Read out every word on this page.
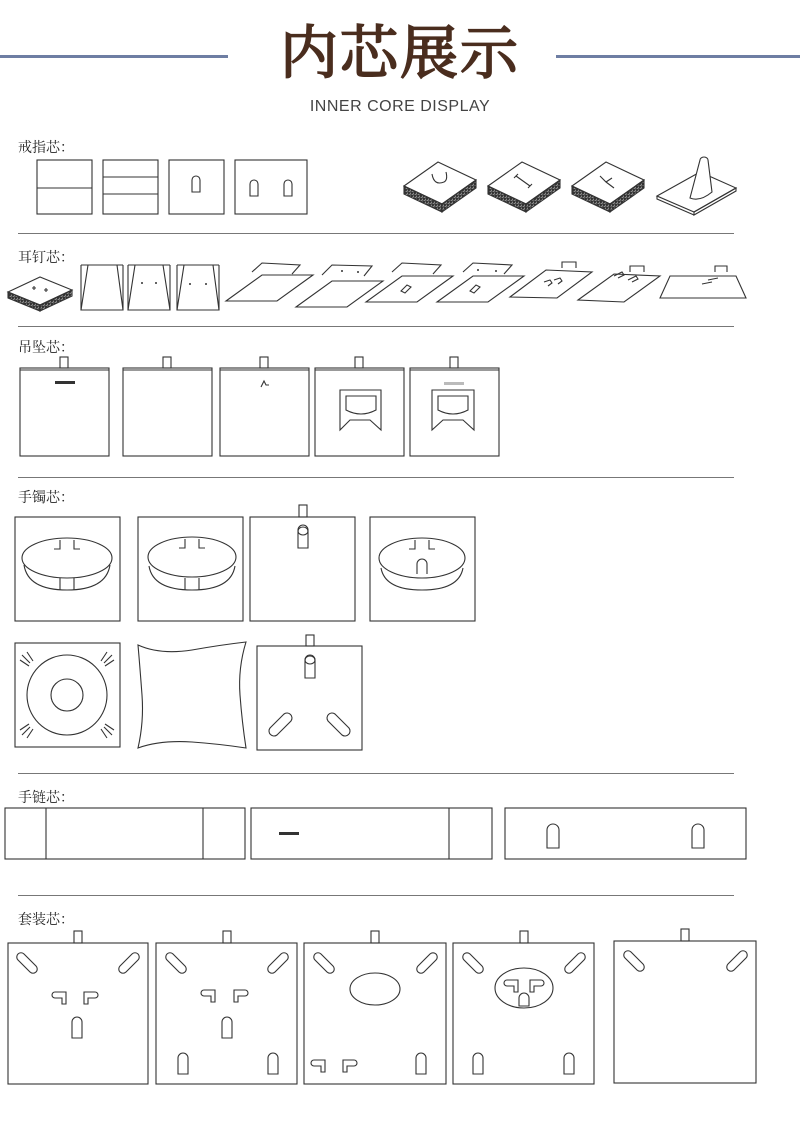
内芯展示
INNER CORE DISPLAY
戒指芯：
耳钉芯：
吊坠芯：
手镯芯：
手链芯：
套装芯：
